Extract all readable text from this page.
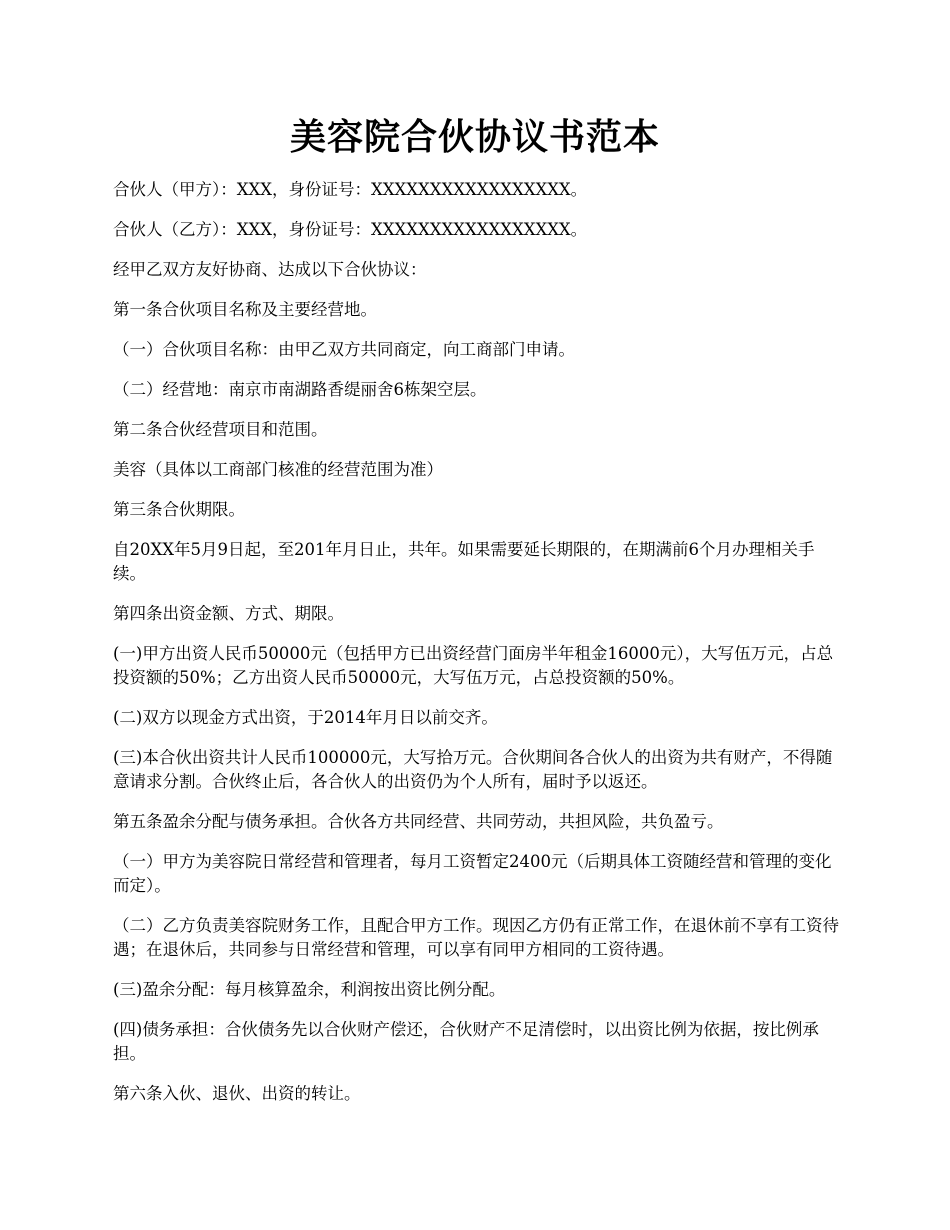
美容院合伙协议书范本

合伙人（甲方）：XXX，身份证号：XXXXXXXXXXXXXXXXX。

合伙人（乙方）：XXX，身份证号：XXXXXXXXXXXXXXXXX。

经甲乙双方友好协商、达成以下合伙协议：

第一条合伙项目名称及主要经营地。

（一）合伙项目名称：由甲乙双方共同商定，向工商部门申请。

（二）经营地：南京市南湖路香缇丽舍6栋架空层。

第二条合伙经营项目和范围。

美容（具体以工商部门核准的经营范围为准）

第三条合伙期限。

自20XX年5月9日起，至201年月日止，共年。如果需要延长期限的，在期满前6个月办理相关手续。

第四条出资金额、方式、期限。

(一)甲方出资人民币50000元（包括甲方已出资经营门面房半年租金16000元），大写伍万元，占总投资额的50%；乙方出资人民币50000元，大写伍万元，占总投资额的50%。

(二)双方以现金方式出资，于2014年月日以前交齐。

(三)本合伙出资共计人民币100000元，大写拾万元。合伙期间各合伙人的出资为共有财产，不得随意请求分割。合伙终止后，各合伙人的出资仍为个人所有，届时予以返还。

第五条盈余分配与债务承担。合伙各方共同经营、共同劳动，共担风险，共负盈亏。

（一）甲方为美容院日常经营和管理者，每月工资暂定2400元（后期具体工资随经营和管理的变化而定）。

（二）乙方负责美容院财务工作，且配合甲方工作。现因乙方仍有正常工作，在退休前不享有工资待遇；在退休后，共同参与日常经营和管理，可以享有同甲方相同的工资待遇。

(三)盈余分配：每月核算盈余，利润按出资比例分配。

(四)债务承担：合伙债务先以合伙财产偿还，合伙财产不足清偿时，以出资比例为依据，按比例承担。

第六条入伙、退伙、出资的转让。
